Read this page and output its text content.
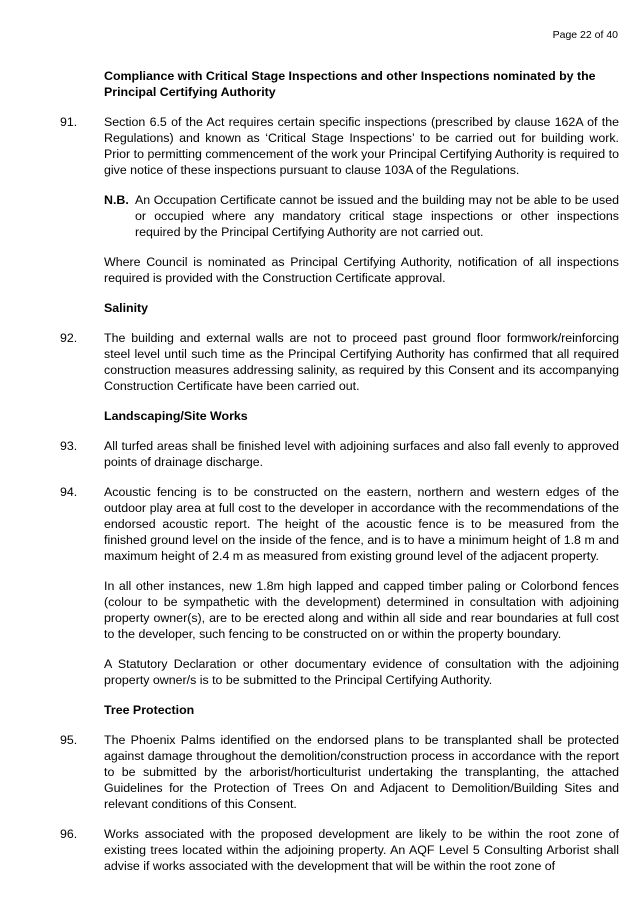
Page 22 of 40
Compliance with Critical Stage Inspections and other Inspections nominated by the Principal Certifying Authority
91.	Section 6.5 of the Act requires certain specific inspections (prescribed by clause 162A of the Regulations) and known as ‘Critical Stage Inspections’ to be carried out for building work. Prior to permitting commencement of the work your Principal Certifying Authority is required to give notice of these inspections pursuant to clause 103A of the Regulations.
N.B. An Occupation Certificate cannot be issued and the building may not be able to be used or occupied where any mandatory critical stage inspections or other inspections required by the Principal Certifying Authority are not carried out.
Where Council is nominated as Principal Certifying Authority, notification of all inspections required is provided with the Construction Certificate approval.
Salinity
92.	The building and external walls are not to proceed past ground floor formwork/reinforcing steel level until such time as the Principal Certifying Authority has confirmed that all required construction measures addressing salinity, as required by this Consent and its accompanying Construction Certificate have been carried out.
Landscaping/Site Works
93.	All turfed areas shall be finished level with adjoining surfaces and also fall evenly to approved points of drainage discharge.
94.	Acoustic fencing is to be constructed on the eastern, northern and western edges of the outdoor play area at full cost to the developer in accordance with the recommendations of the endorsed acoustic report. The height of the acoustic fence is to be measured from the finished ground level on the inside of the fence, and is to have a minimum height of 1.8 m and maximum height of 2.4 m as measured from existing ground level of the adjacent property.
In all other instances, new 1.8m high lapped and capped timber paling or Colorbond fences (colour to be sympathetic with the development) determined in consultation with adjoining property owner(s), are to be erected along and within all side and rear boundaries at full cost to the developer, such fencing to be constructed on or within the property boundary.
A Statutory Declaration or other documentary evidence of consultation with the adjoining property owner/s is to be submitted to the Principal Certifying Authority.
Tree Protection
95.	The Phoenix Palms identified on the endorsed plans to be transplanted shall be protected against damage throughout the demolition/construction process in accordance with the report to be submitted by the arborist/horticulturist undertaking the transplanting, the attached Guidelines for the Protection of Trees On and Adjacent to Demolition/Building Sites and relevant conditions of this Consent.
96.	Works associated with the proposed development are likely to be within the root zone of existing trees located within the adjoining property. An AQF Level 5 Consulting Arborist shall advise if works associated with the development that will be within the root zone of
